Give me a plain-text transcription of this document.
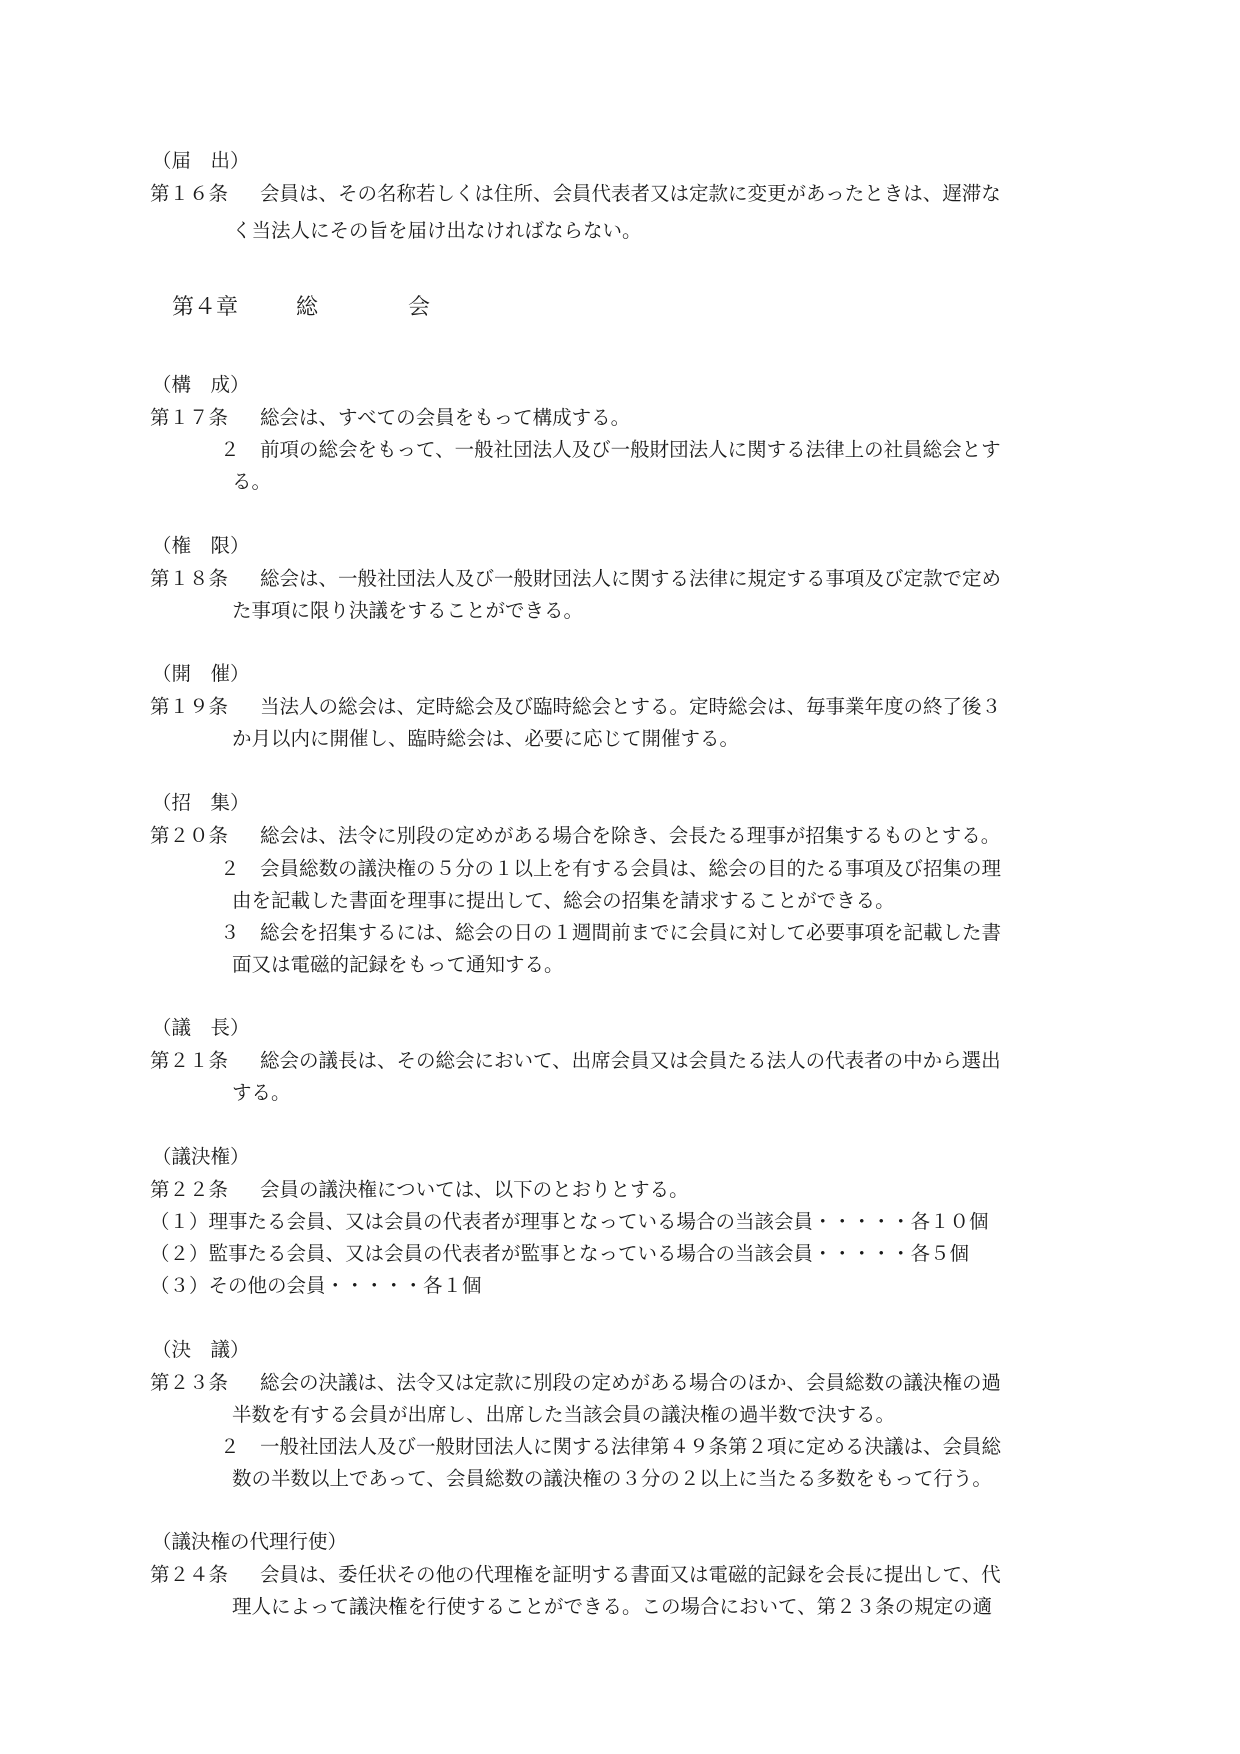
（届　出）
第１６条 会員は、その名称若しくは住所、会員代表者又は定款に変更があったときは、遅滞な
く当法人にその旨を届け出なければならない。
第４章	総	会
（構　成）
第１７条 総会は、すべての会員をもって構成する。
２ 前項の総会をもって、一般社団法人及び一般財団法人に関する法律上の社員総会とす
る。
（権　限）
第１８条 総会は、一般社団法人及び一般財団法人に関する法律に規定する事項及び定款で定め
た事項に限り決議をすることができる。
（開　催）
第１９条 当法人の総会は、定時総会及び臨時総会とする。定時総会は、毎事業年度の終了後３
か月以内に開催し、臨時総会は、必要に応じて開催する。
（招　集）
第２０条 総会は、法令に別段の定めがある場合を除き、会長たる理事が招集するものとする。
２ 会員総数の議決権の５分の１以上を有する会員は、総会の目的たる事項及び招集の理
由を記載した書面を理事に提出して、総会の招集を請求することができる。
３ 総会を招集するには、総会の日の１週間前までに会員に対して必要事項を記載した書
面又は電磁的記録をもって通知する。
（議　長）
第２１条 総会の議長は、その総会において、出席会員又は会員たる法人の代表者の中から選出
する。
（議決権）
第２２条 会員の議決権については、以下のとおりとする。
（１）理事たる会員、又は会員の代表者が理事となっている場合の当該会員・・・・・各１０個
（２）監事たる会員、又は会員の代表者が監事となっている場合の当該会員・・・・・各５個
（３）その他の会員・・・・・各１個
（決　議）
第２３条 総会の決議は、法令又は定款に別段の定めがある場合のほか、会員総数の議決権の過
半数を有する会員が出席し、出席した当該会員の議決権の過半数で決する。
２ 一般社団法人及び一般財団法人に関する法律第４９条第２項に定める決議は、会員総
数の半数以上であって、会員総数の議決権の３分の２以上に当たる多数をもって行う。
（議決権の代理行使）
第２４条 会員は、委任状その他の代理権を証明する書面又は電磁的記録を会長に提出して、代
理人によって議決権を行使することができる。この場合において、第２３条の規定の適
